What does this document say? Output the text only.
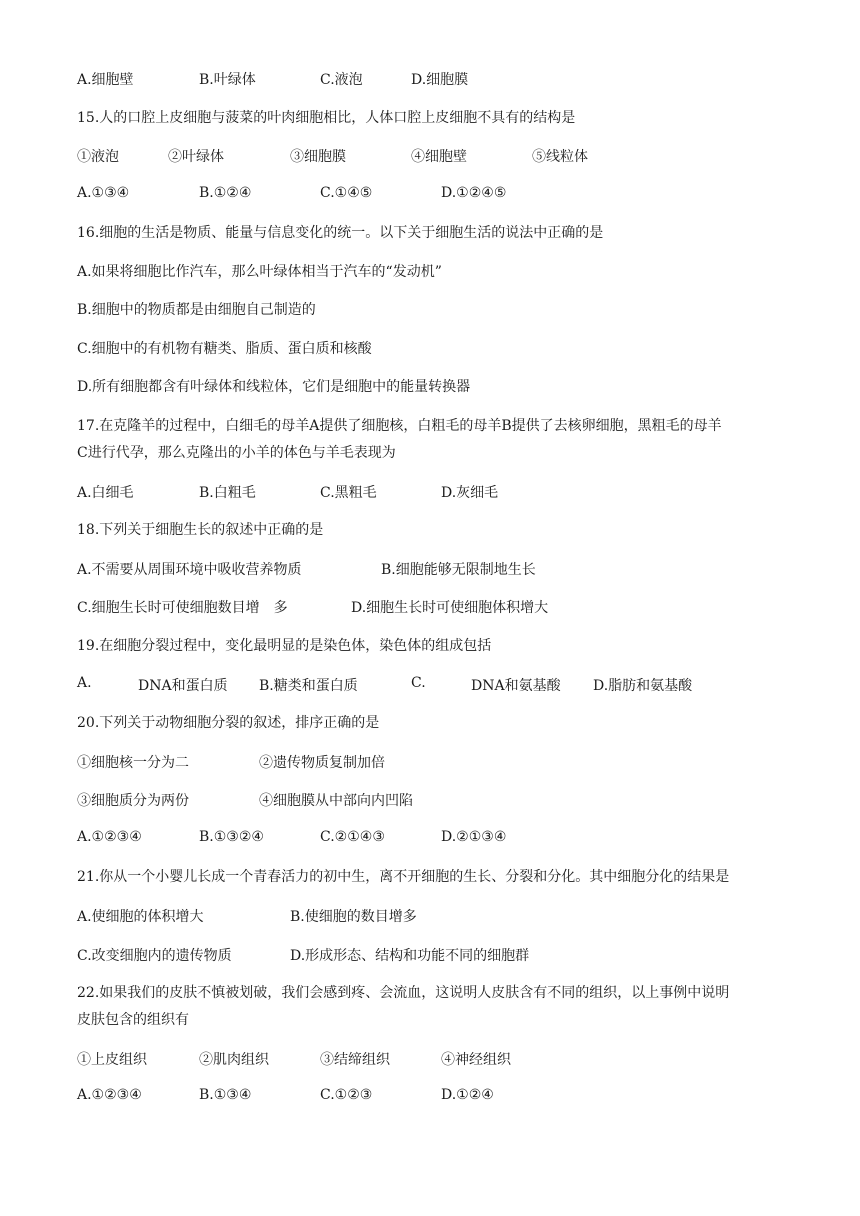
A.细胞壁	B.叶绿体	C.液泡	D.细胞膜
15.人的口腔上皮细胞与菠菜的叶肉细胞相比，人体口腔上皮细胞不具有的结构是
①液泡	②叶绿体	③细胞膜	④细胞壁	⑤线粒体
A.①③④	B.①②④	C.①④⑤	D.①②④⑤
16.细胞的生活是物质、能量与信息变化的统一。以下关于细胞生活的说法中正确的是
A.如果将细胞比作汽车，那么叶绿体相当于汽车的“发动机”
B.细胞中的物质都是由细胞自己制造的
C.细胞中的有机物有糖类、脂质、蛋白质和核酸
D.所有细胞都含有叶绿体和线粒体，它们是细胞中的能量转换器
17.在克隆羊的过程中，白细毛的母羊A提供了细胞核，白粗毛的母羊B提供了去核卵细胞，黑粗毛的母羊
C进行代孕，那么克隆出的小羊的体色与羊毛表现为
A.白细毛	B.白粗毛	C.黑粗毛	D.灰细毛
18.下列关于细胞生长的叙述中正确的是
A.不需要从周围环境中吸收营养物质	B.细胞能够无限制地生长
C.细胞生长时可使细胞数目增　多	D.细胞生长时可使细胞体积增大
19.在细胞分裂过程中，变化最明显的是染色体，染色体的组成包括
A.	DNA和蛋白质 B.糖类和蛋白质	C.	DNA和氨基酸 D.脂肪和氨基酸
20.下列关于动物细胞分裂的叙述，排序正确的是
①细胞核一分为二	②遗传物质复制加倍
③细胞质分为两份	④细胞膜从中部向内凹陷
A.①②③④	B.①③②④	C.②①④③	D.②①③④
21.你从一个小婴儿长成一个青春活力的初中生，离不开细胞的生长、分裂和分化。其中细胞分化的结果是
A.使细胞的体积增大	B.使细胞的数目增多
C.改变细胞内的遗传物质	D.形成形态、结构和功能不同的细胞群
22.如果我们的皮肤不慎被划破，我们会感到疼、会流血，这说明人皮肤含有不同的组织，以上事例中说明
皮肤包含的组织有
①上皮组织	②肌肉组织	③结缔组织	④神经组织
A.①②③④	B.①③④	C.①②③	D.①②④
